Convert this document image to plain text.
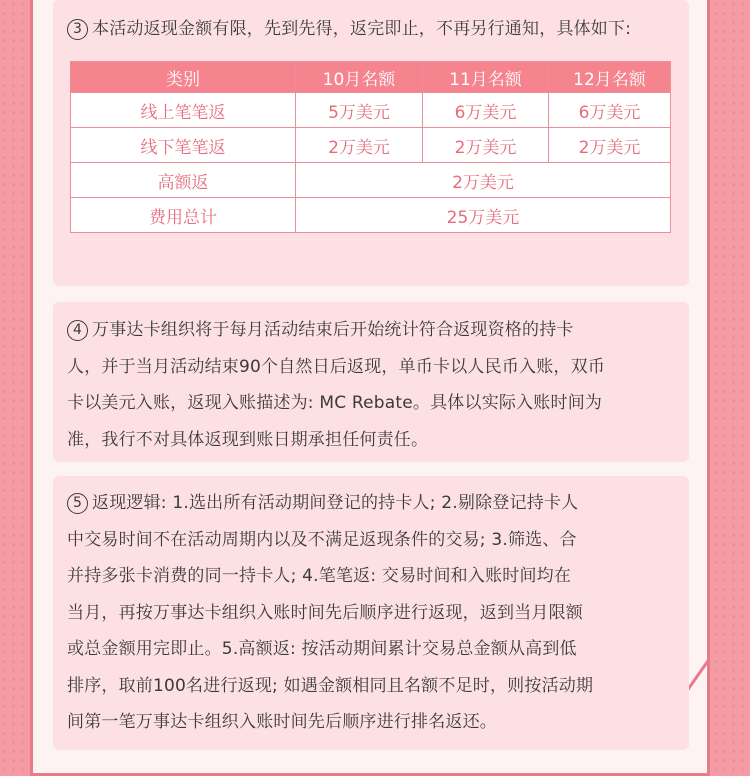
3 本活动返现金额有限，先到先得，返完即止，不再另行通知，具体如下:

类别	10月名额	11月名额	12月名额
线上笔笔返	5万美元	6万美元	6万美元
线下笔笔返	2万美元	2万美元	2万美元
高额返	2万美元		
费用总计	25万美元		

4 万事达卡组织将于每月活动结束后开始统计符合返现资格的持卡
人，并于当月活动结束90个自然日后返现，单币卡以人民币入账，双币
卡以美元入账，返现入账描述为: MC Rebate。具体以实际入账时间为
准，我行不对具体返现到账日期承担任何责任。

5 返现逻辑: 1.选出所有活动期间登记的持卡人; 2.剔除登记持卡人
中交易时间不在活动周期内以及不满足返现条件的交易; 3.筛选、合
并持多张卡消费的同一持卡人; 4.笔笔返: 交易时间和入账时间均在
当月，再按万事达卡组织入账时间先后顺序进行返现，返到当月限额
或总金额用完即止。5.高额返: 按活动期间累计交易总金额从高到低
排序，取前100名进行返现; 如遇金额相同且名额不足时，则按活动期
间第一笔万事达卡组织入账时间先后顺序进行排名返还。
